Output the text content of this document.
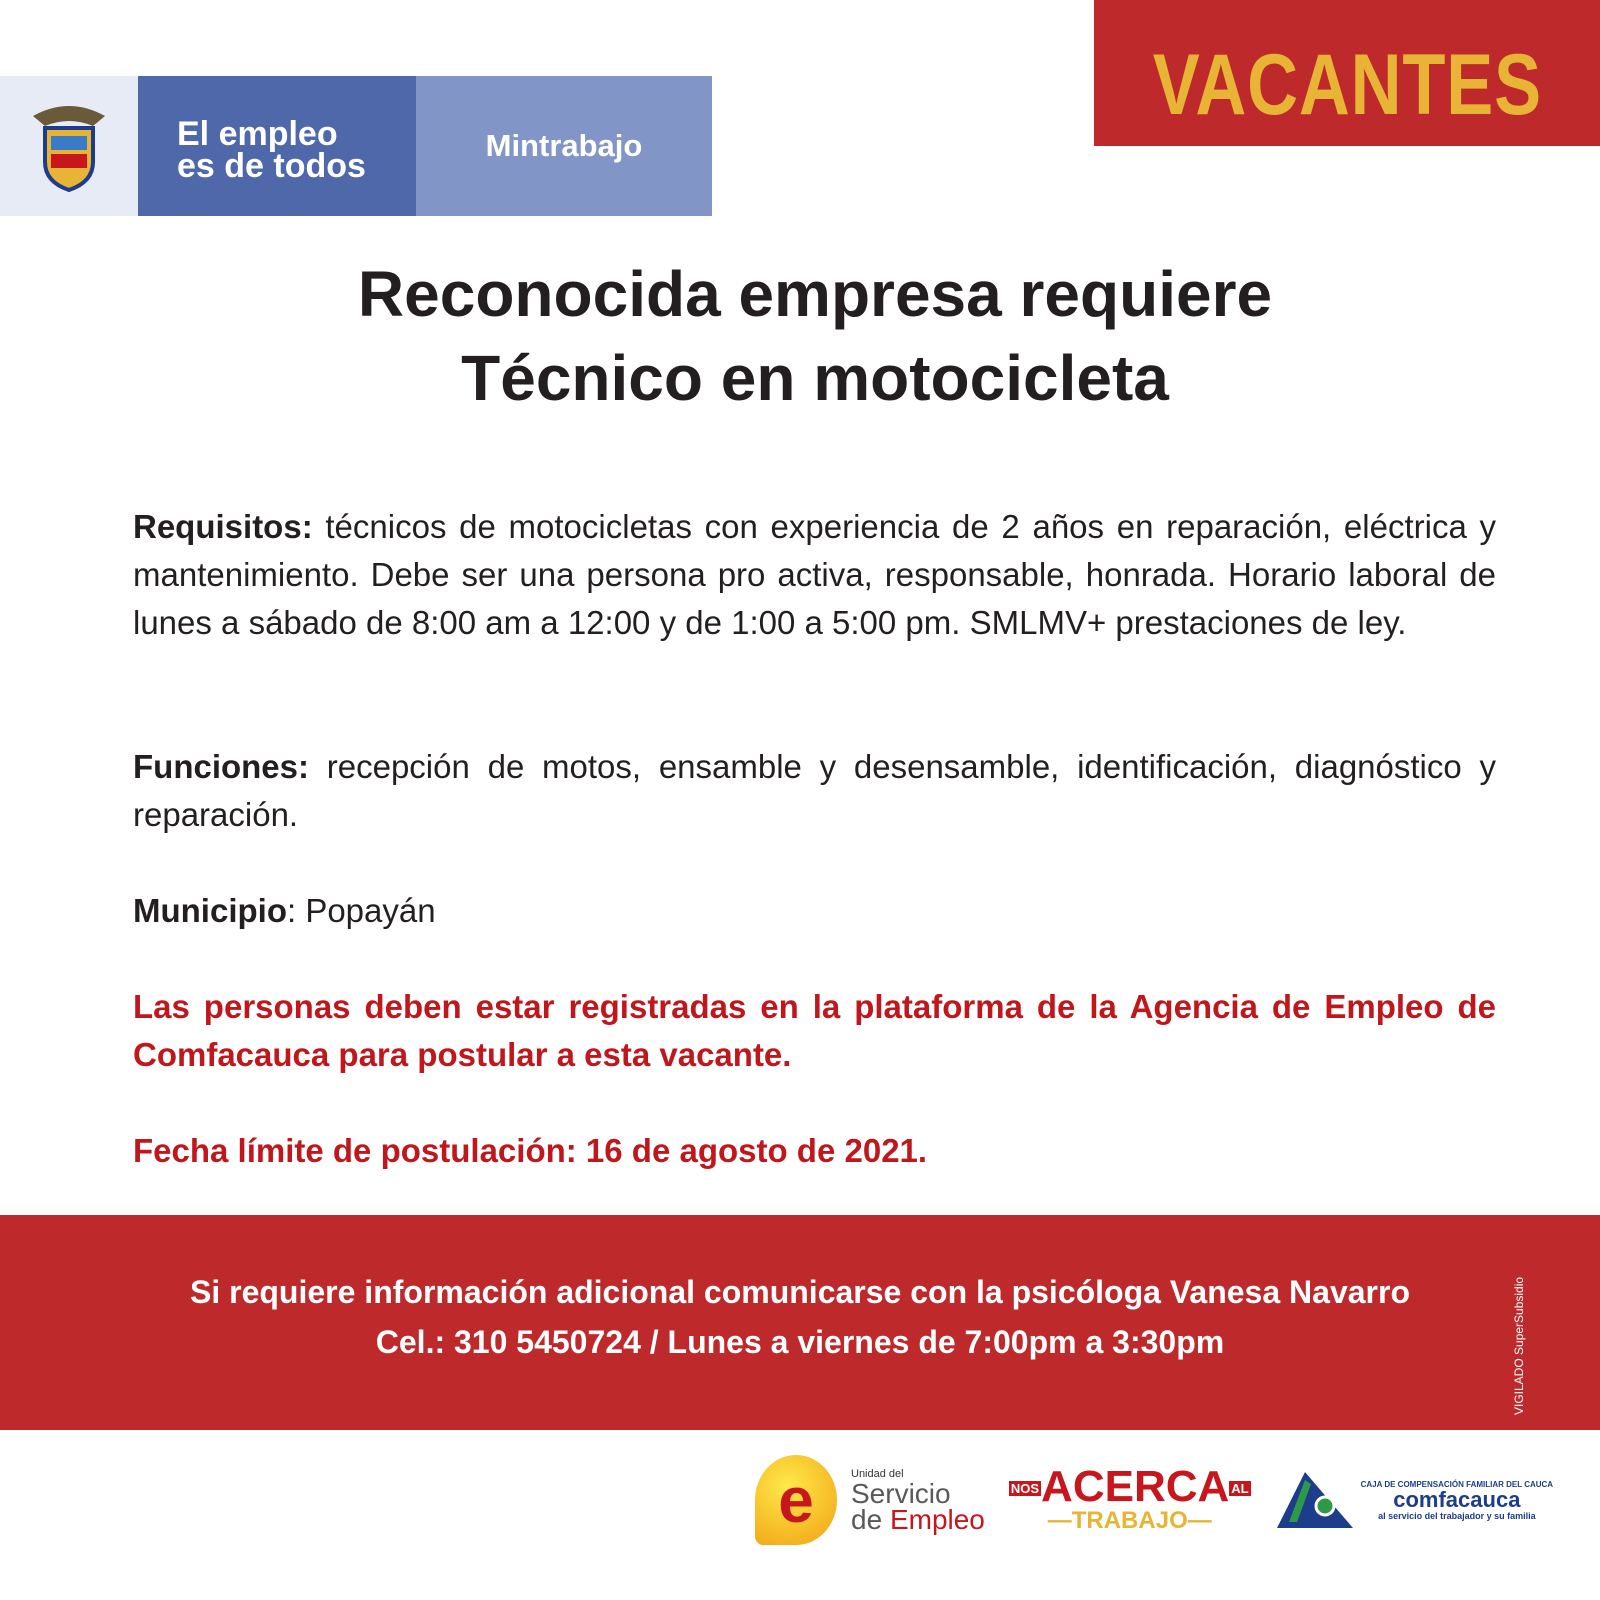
El empleo
es de todos
Mintrabajo
VACANTES
Reconocida empresa requiere
Técnico en motocicleta

Requisitos: técnicos de motocicletas con experiencia de 2 años en reparación, eléctrica y mantenimiento. Debe ser una persona pro activa, responsable, honrada. Horario laboral de lunes a sábado de 8:00 am a 12:00 y de 1:00 a 5:00 pm. SMLMV+ prestaciones de ley.

Funciones: recepción de motos, ensamble y desensamble, identificación, diagnóstico y reparación.

Municipio: Popayán

Las personas deben estar registradas en la plataforma de la Agencia de Empleo de Comfacauca para postular a esta vacante.

Fecha límite de postulación: 16 de agosto de 2021.

Si requiere información adicional comunicarse con la psicóloga Vanesa Navarro
Cel.: 310 5450724 / Lunes a viernes de 7:00pm a 3:30pm	VIGILADO SuperSubsidio
e	Unidad del
Servicio
de Empleo
NOSACERCA AL
—TRABAJO—
CAJA DE COMPENSACIÓN FAMILIAR DEL CAUCA
comfacauca
al servicio del trabajador y su familia
